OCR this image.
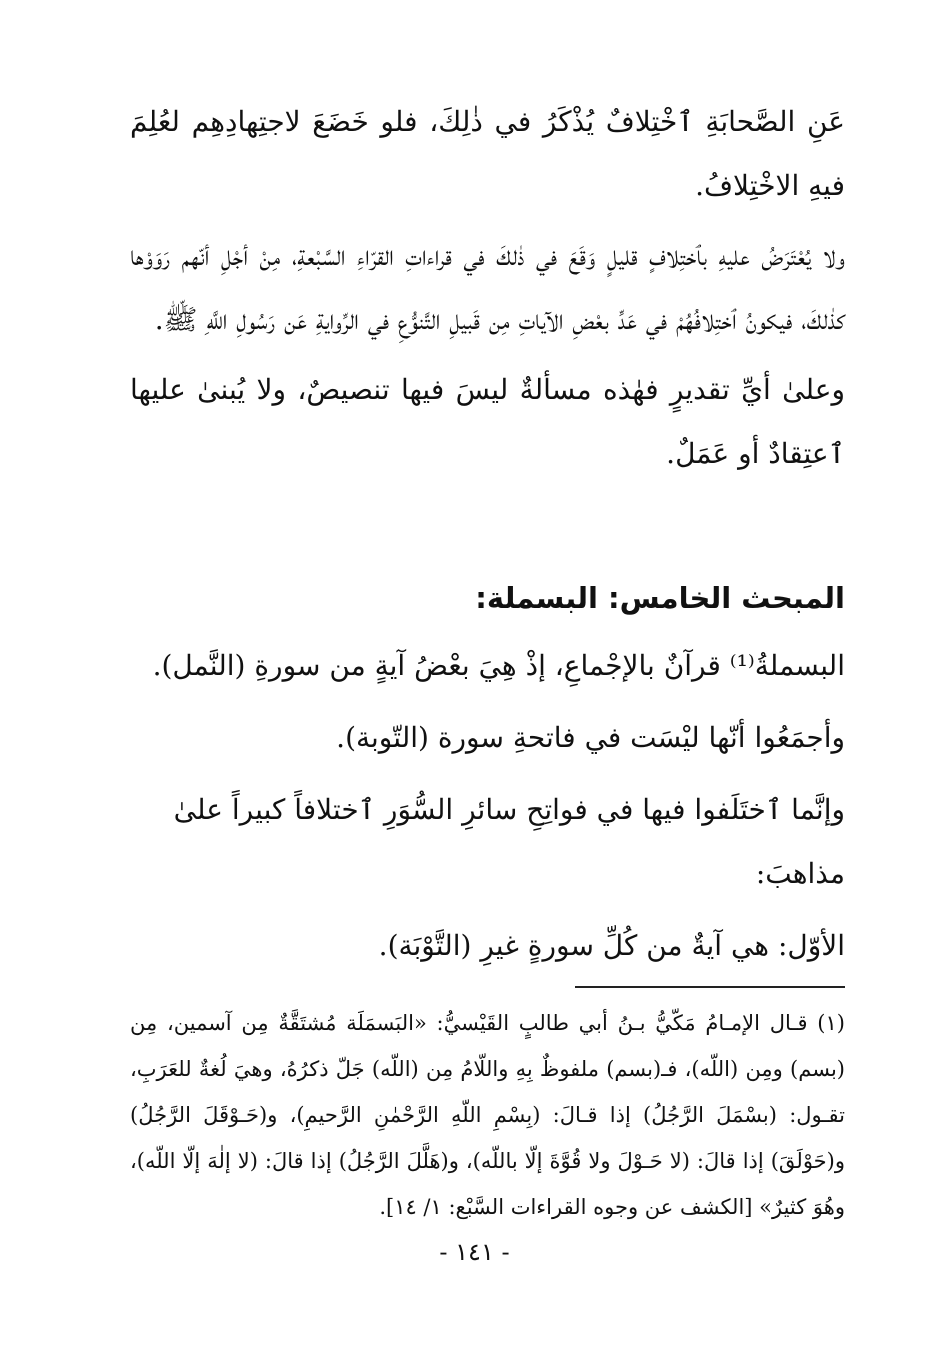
عَنِ الصَّحابَةِ ٱخْتِلافٌ يُذْكَرُ في ذٰلِكَ، فلو خَضَعَ لاجتِهادِهِم لعُلِمَ فيهِ الاخْتِلافُ.

ولا يُعْتَرَضُ عليهِ بٱختِلافٍ قليلٍ وَقَعَ في ذٰلكَ في قراءاتِ القرّاءِ السَّبْعةِ، مِنْ أجْلِ أنّهم رَوَوْها كذٰلكَ، فيكونُ ٱختِلافُهُمْ في عَدِّ بعْضِ الآياتِ مِن قَبيلِ التَّنوُّعِ في الرِّوايةِ عَن رَسُولِ اللَّهِ ﷺ.

وعلىٰ أيِّ تقديرٍ فهٰذه مسألةٌ ليسَ فيها تنصيصٌ، ولا يُبنىٰ عليها ٱعتِقادٌ أو عَمَلٌ.

المبحث الخامس: البسملة:

البسملةُ⁽¹⁾ قرآنٌ بالإجْماعِ، إذْ هِيَ بعْضُ آيةٍ من سورةِ (النَّمل).

وأجمَعُوا أنّها ليْسَت في فاتحةِ سورة (التّوبة).

وإنَّما ٱختَلَفوا فيها في فواتِحِ سائرِ السُّوَرِ ٱختلافاً كبيراً علىٰ مذاهبَ:

الأوّل: هي آيةٌ من كُلِّ سورةٍ غيرِ (التَّوْبَة).

(١) قـال الإمـامُ مَكّيُّ بـنُ أبي طالبٍ القَيْسيُّ: «البَسمَلَة مُشتَقَّةٌ مِن آسمين، مِن (بسم) ومِن (اللّه)، فـ(بسم) ملفوظٌ بِهِ واللّامُ مِن (اللّه) جَلّ ذكرُهُ، وهيَ لُغةٌ للعَرَبِ، تقـول: (بسْمَلَ الرَّجُلُ) إذا قـالَ: (بِسْمِ اللّهِ الرَّحْمٰنِ الرَّحيمِ)، و(حَـوْقَلَ الرَّجُلُ) و(حَوْلَقَ) إذا قالَ: (لا حَـوْلَ ولا قُوَّةَ إلّا باللّه)، و(هَلَّلَ الرَّجُلُ) إذا قالَ: (لا إلٰهَ إلّا اللّه)، وهُوَ كثيرٌ» [الكشف عن وجوه القراءات السَّبْع: ١/ ١٤].

- ١٤١ -
